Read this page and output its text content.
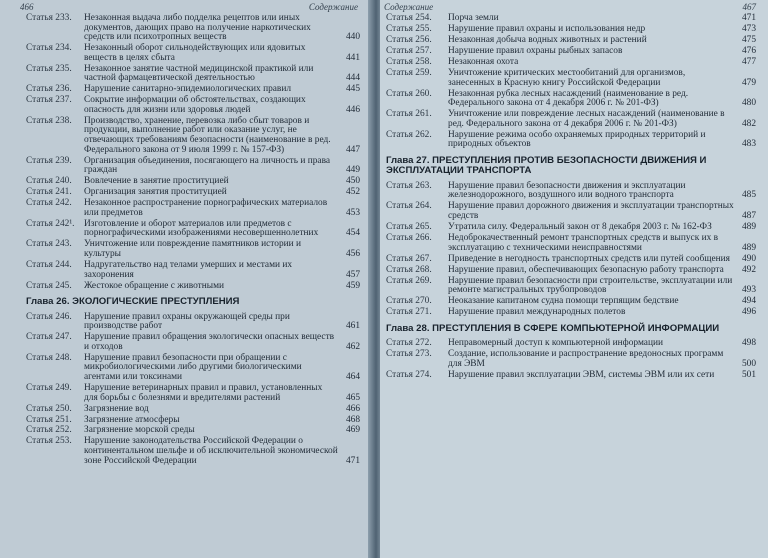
466	Содержание
Статья 233.	Незаконная выдача либо подделка рецептов или иных документов, дающих право на получение наркотических средств или психотропных веществ	440
Статья 234.	Незаконный оборот сильнодействующих или ядовитых веществ в целях сбыта	441
Статья 235.	Незаконное занятие частной медицинской практикой или частной фармацевтической деятельностью	444
Статья 236.	Нарушение санитарно-эпидемиологических правил	445
Статья 237.	Сокрытие информации об обстоятельствах, создающих опасность для жизни или здоровья людей	446
Статья 238.	Производство, хранение, перевозка либо сбыт товаров и продукции, выполнение работ или оказание услуг, не отвечающих требованиям безопасности (наименование в ред. Федерального закона от 9 июля 1999 г. № 157-ФЗ)	447
Статья 239.	Организация объединения, посягающего на личность и права граждан	449
Статья 240.	Вовлечение в занятие проституцией	450
Статья 241.	Организация занятия проституцией	452
Статья 242.	Незаконное распространение порнографических материалов или предметов	453
Статья 242¹.	Изготовление и оборот материалов или предметов с порнографическими изображениями несовершеннолетних	454
Статья 243.	Уничтожение или повреждение памятников истории и культуры	456
Статья 244.	Надругательство над телами умерших и местами их захоронения	457
Статья 245.	Жестокое обращение с животными	459
Глава 26. ЭКОЛОГИЧЕСКИЕ ПРЕСТУПЛЕНИЯ
Статья 246.	Нарушение правил охраны окружающей среды при производстве работ	461
Статья 247.	Нарушение правил обращения экологически опасных веществ и отходов	462
Статья 248.	Нарушение правил безопасности при обращении с микробиологическими либо другими биологическими агентами или токсинами	464
Статья 249.	Нарушение ветеринарных правил и правил, установленных для борьбы с болезнями и вредителями растений	465
Статья 250.	Загрязнение вод	466
Статья 251.	Загрязнение атмосферы	468
Статья 252.	Загрязнение морской среды	469
Статья 253.	Нарушение законодательства Российской Федерации о континентальном шельфе и об исключительной экономической зоне Российской Федерации	471
Содержание	467
Статья 254.	Порча земли	471
Статья 255.	Нарушение правил охраны и использования недр	473
Статья 256.	Незаконная добыча водных животных и растений	475
Статья 257.	Нарушение правил охраны рыбных запасов	476
Статья 258.	Незаконная охота	477
Статья 259.	Уничтожение критических местообитаний для организмов, занесенных в Красную книгу Российской Федерации	479
Статья 260.	Незаконная рубка лесных насаждений (наименование в ред. Федерального закона от 4 декабря 2006 г. № 201-ФЗ)	480
Статья 261.	Уничтожение или повреждение лесных насаждений (наименование в ред. Федерального закона от 4 декабря 2006 г. № 201-ФЗ)	482
Статья 262.	Нарушение режима особо охраняемых природных территорий и природных объектов	483
Глава 27. ПРЕСТУПЛЕНИЯ ПРОТИВ БЕЗОПАСНОСТИ ДВИЖЕНИЯ И ЭКСПЛУАТАЦИИ ТРАНСПОРТА
Статья 263.	Нарушение правил безопасности движения и эксплуатации железнодорожного, воздушного или водного транспорта	485
Статья 264.	Нарушение правил дорожного движения и эксплуатации транспортных средств	487
Статья 265.	Утратила силу. Федеральный закон от 8 декабря 2003 г. № 162-ФЗ	489
Статья 266.	Недоброкачественный ремонт транспортных средств и выпуск их в эксплуатацию с техническими неисправностями	489
Статья 267.	Приведение в негодность транспортных средств или путей сообщения	490
Статья 268.	Нарушение правил, обеспечивающих безопасную работу транспорта	492
Статья 269.	Нарушение правил безопасности при строительстве, эксплуатации или ремонте магистральных трубопроводов	493
Статья 270.	Неоказание капитаном судна помощи терпящим бедствие	494
Статья 271.	Нарушение правил международных полетов	496
Глава 28. ПРЕСТУПЛЕНИЯ В СФЕРЕ КОМПЬЮТЕРНОЙ ИНФОРМАЦИИ
Статья 272.	Неправомерный доступ к компьютерной информации	498
Статья 273.	Создание, использование и распространение вредоносных программ для ЭВМ	500
Статья 274.	Нарушение правил эксплуатации ЭВМ, системы ЭВМ или их сети	501
